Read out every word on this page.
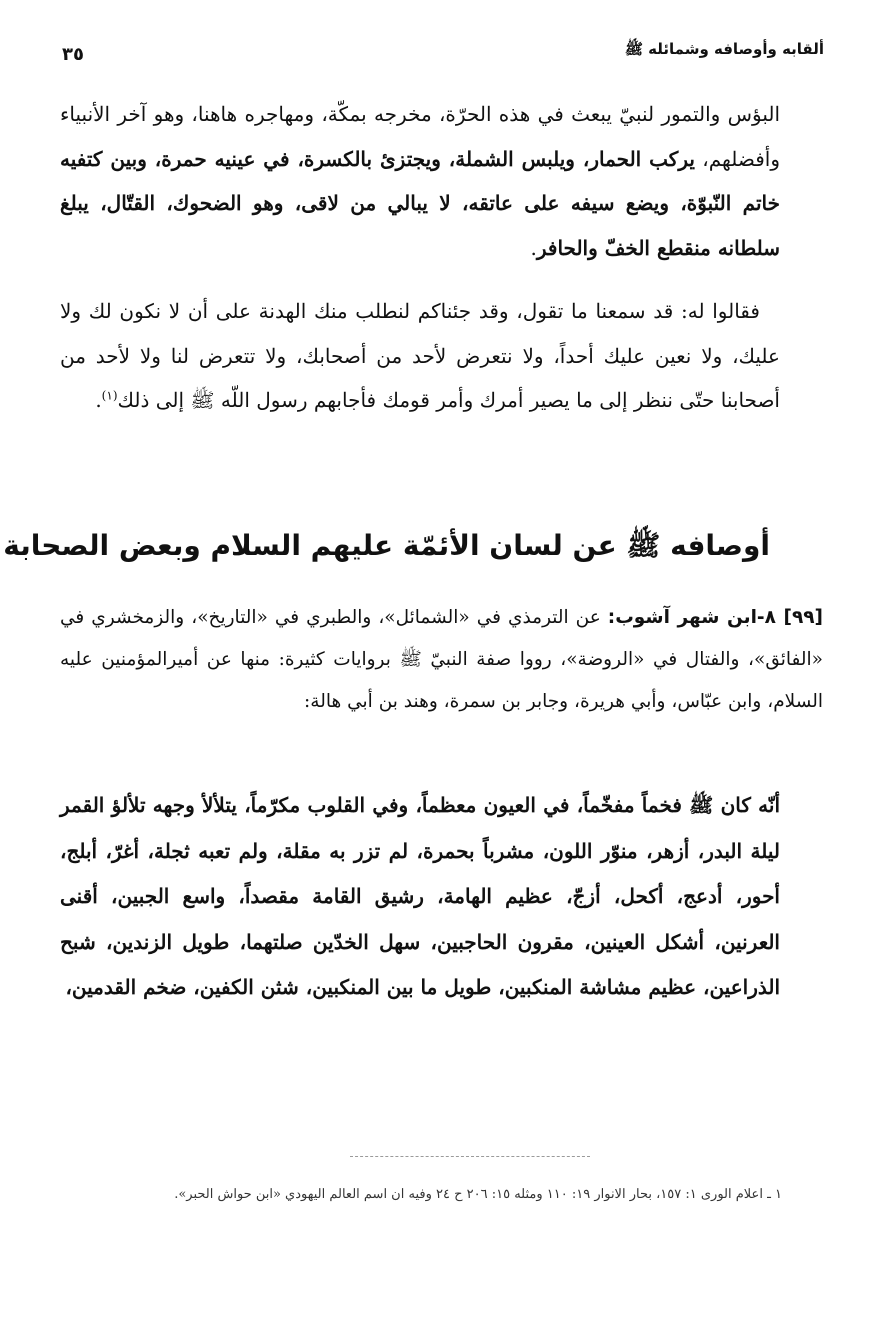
ألقابه وأوصافه وشمائله ﷺ
٣٥

البؤس والتمور لنبيّ يبعث في هذه الحرّة، مخرجه بمكّة، ومهاجره هاهنا، وهو آخر الأنبياء وأفضلهم، يركب الحمار، ويلبس الشملة، ويجتزئ بالكسرة، في عينيه حمرة، وبين كتفيه خاتم النّبوّة، ويضع سيفه على عاتقه، لا يبالي من لاقى، وهو الضحوك، القتّال، يبلغ سلطانه منقطع الخفّ والحافر.

فقالوا له: قد سمعنا ما تقول، وقد جئناكم لنطلب منك الهدنة على أن لا نكون لك ولا عليك، ولا نعين عليك أحداً، ولا نتعرض لأحد من أصحابك، ولا تتعرض لنا ولا لأحد من أصحابنا حتّى ننظر إلى ما يصير أمرك وأمر قومك فأجابهم رسول اللّه ﷺ إلى ذلك$^{(١)}$.

أوصافه ﷺ عن لسان الأئمّة عليهم السلام وبعض الصحابة

[٩٩] ٨-ابن شهر آشوب: عن الترمذي في «الشمائل»، والطبري في «التاريخ»، والزمخشري في «الفائق»، والفتال في «الروضة»، رووا صفة النبيّ ﷺ بروايات كثيرة: منها عن أميرالمؤمنين عليه السلام، وابن عبّاس، وأبي هريرة، وجابر بن سمرة، وهند بن أبي هالة:

أنّه كان ﷺ فخماً مفخّماً، في العيون معظماً، وفي القلوب مكرّماً، يتلألأ وجهه تلألؤ القمر ليلة البدر، أزهر، منوّر اللون، مشرباً بحمرة، لم تزر به مقلة، ولم تعبه ثجلة، أغرّ، أبلج، أحور، أدعج، أكحل، أزجّ، عظيم الهامة، رشيق القامة مقصداً، واسع الجبين، أقنى العرنين، أشكل العينين، مقرون الحاجبين، سهل الخدّين صلتهما، طويل الزندين، شبح الذراعين، عظيم مشاشة المنكبين، طويل ما بين المنكبين، شثن الكفين، ضخم القدمين،

١ ـ اعلام الورى ١: ١٥٧، بحار الانوار ١٩: ١١٠ ومثله ١٥: ٢٠٦ ح ٢٤ وفيه ان اسم العالم اليهودي «ابن حواش الحبر».
